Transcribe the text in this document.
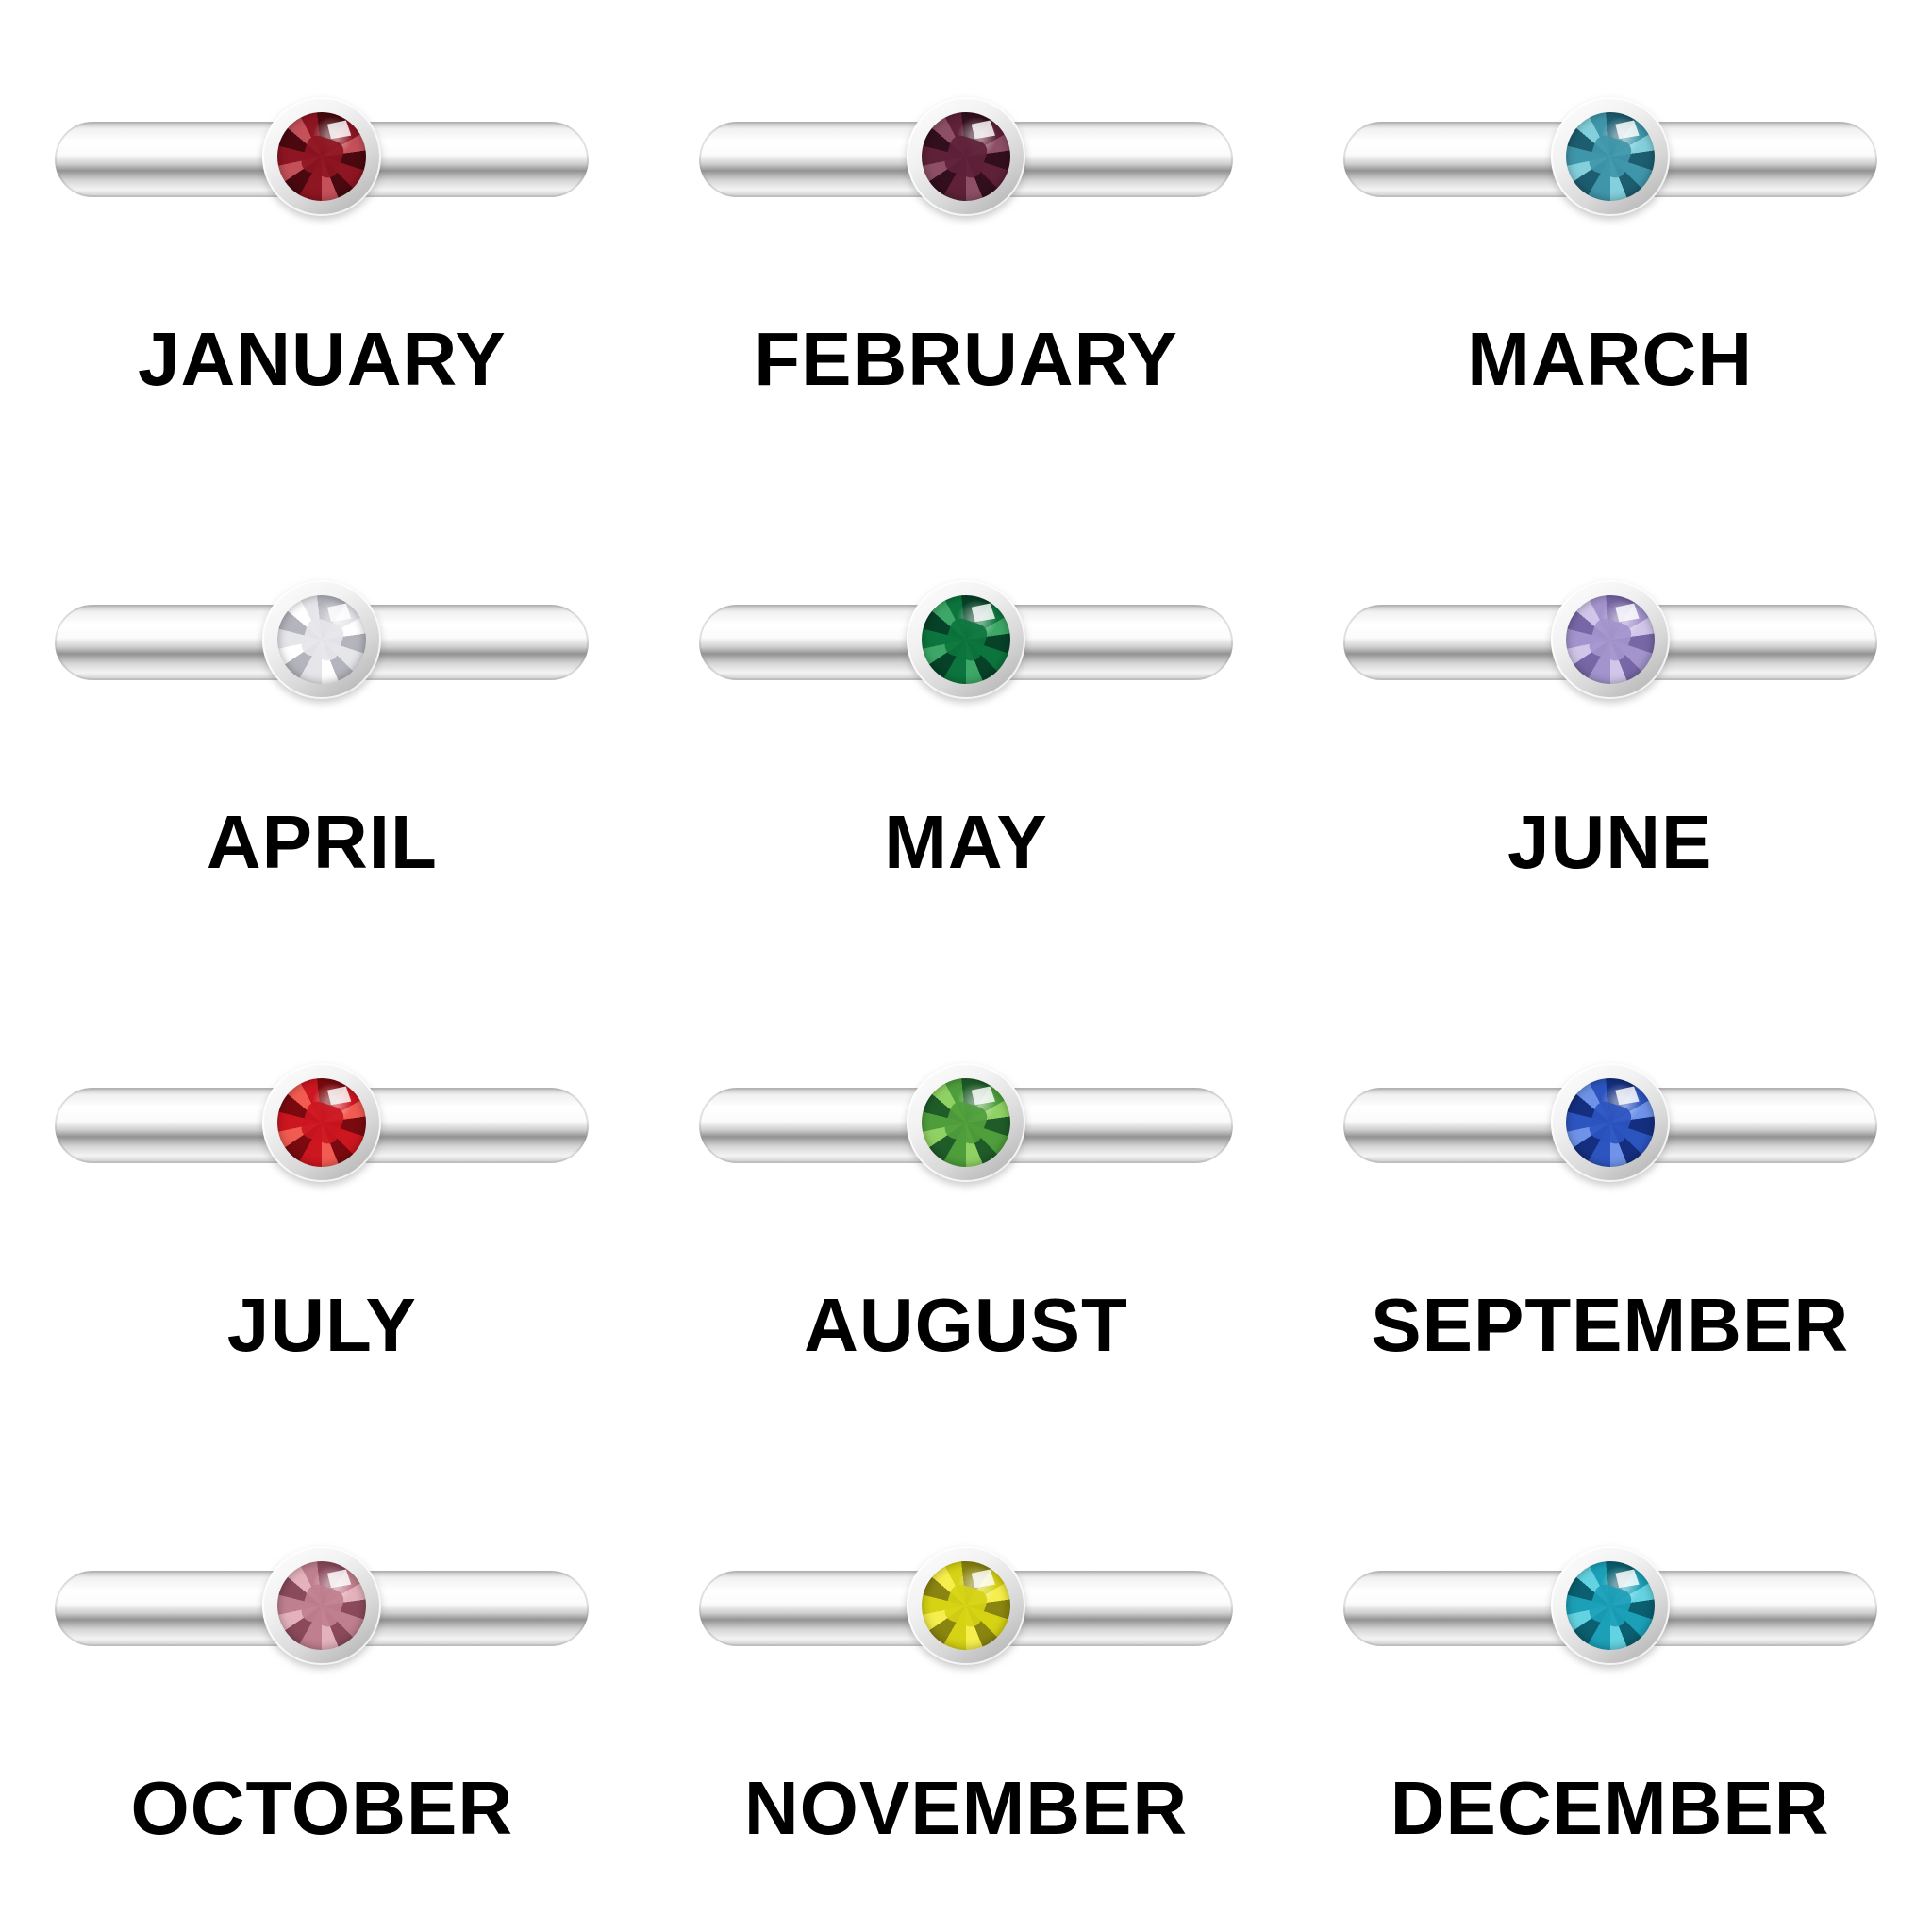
JANUARY	FEBRUARY	MARCH
APRIL	MAY	JUNE
JULY	AUGUST	SEPTEMBER
OCTOBER	NOVEMBER	DECEMBER
